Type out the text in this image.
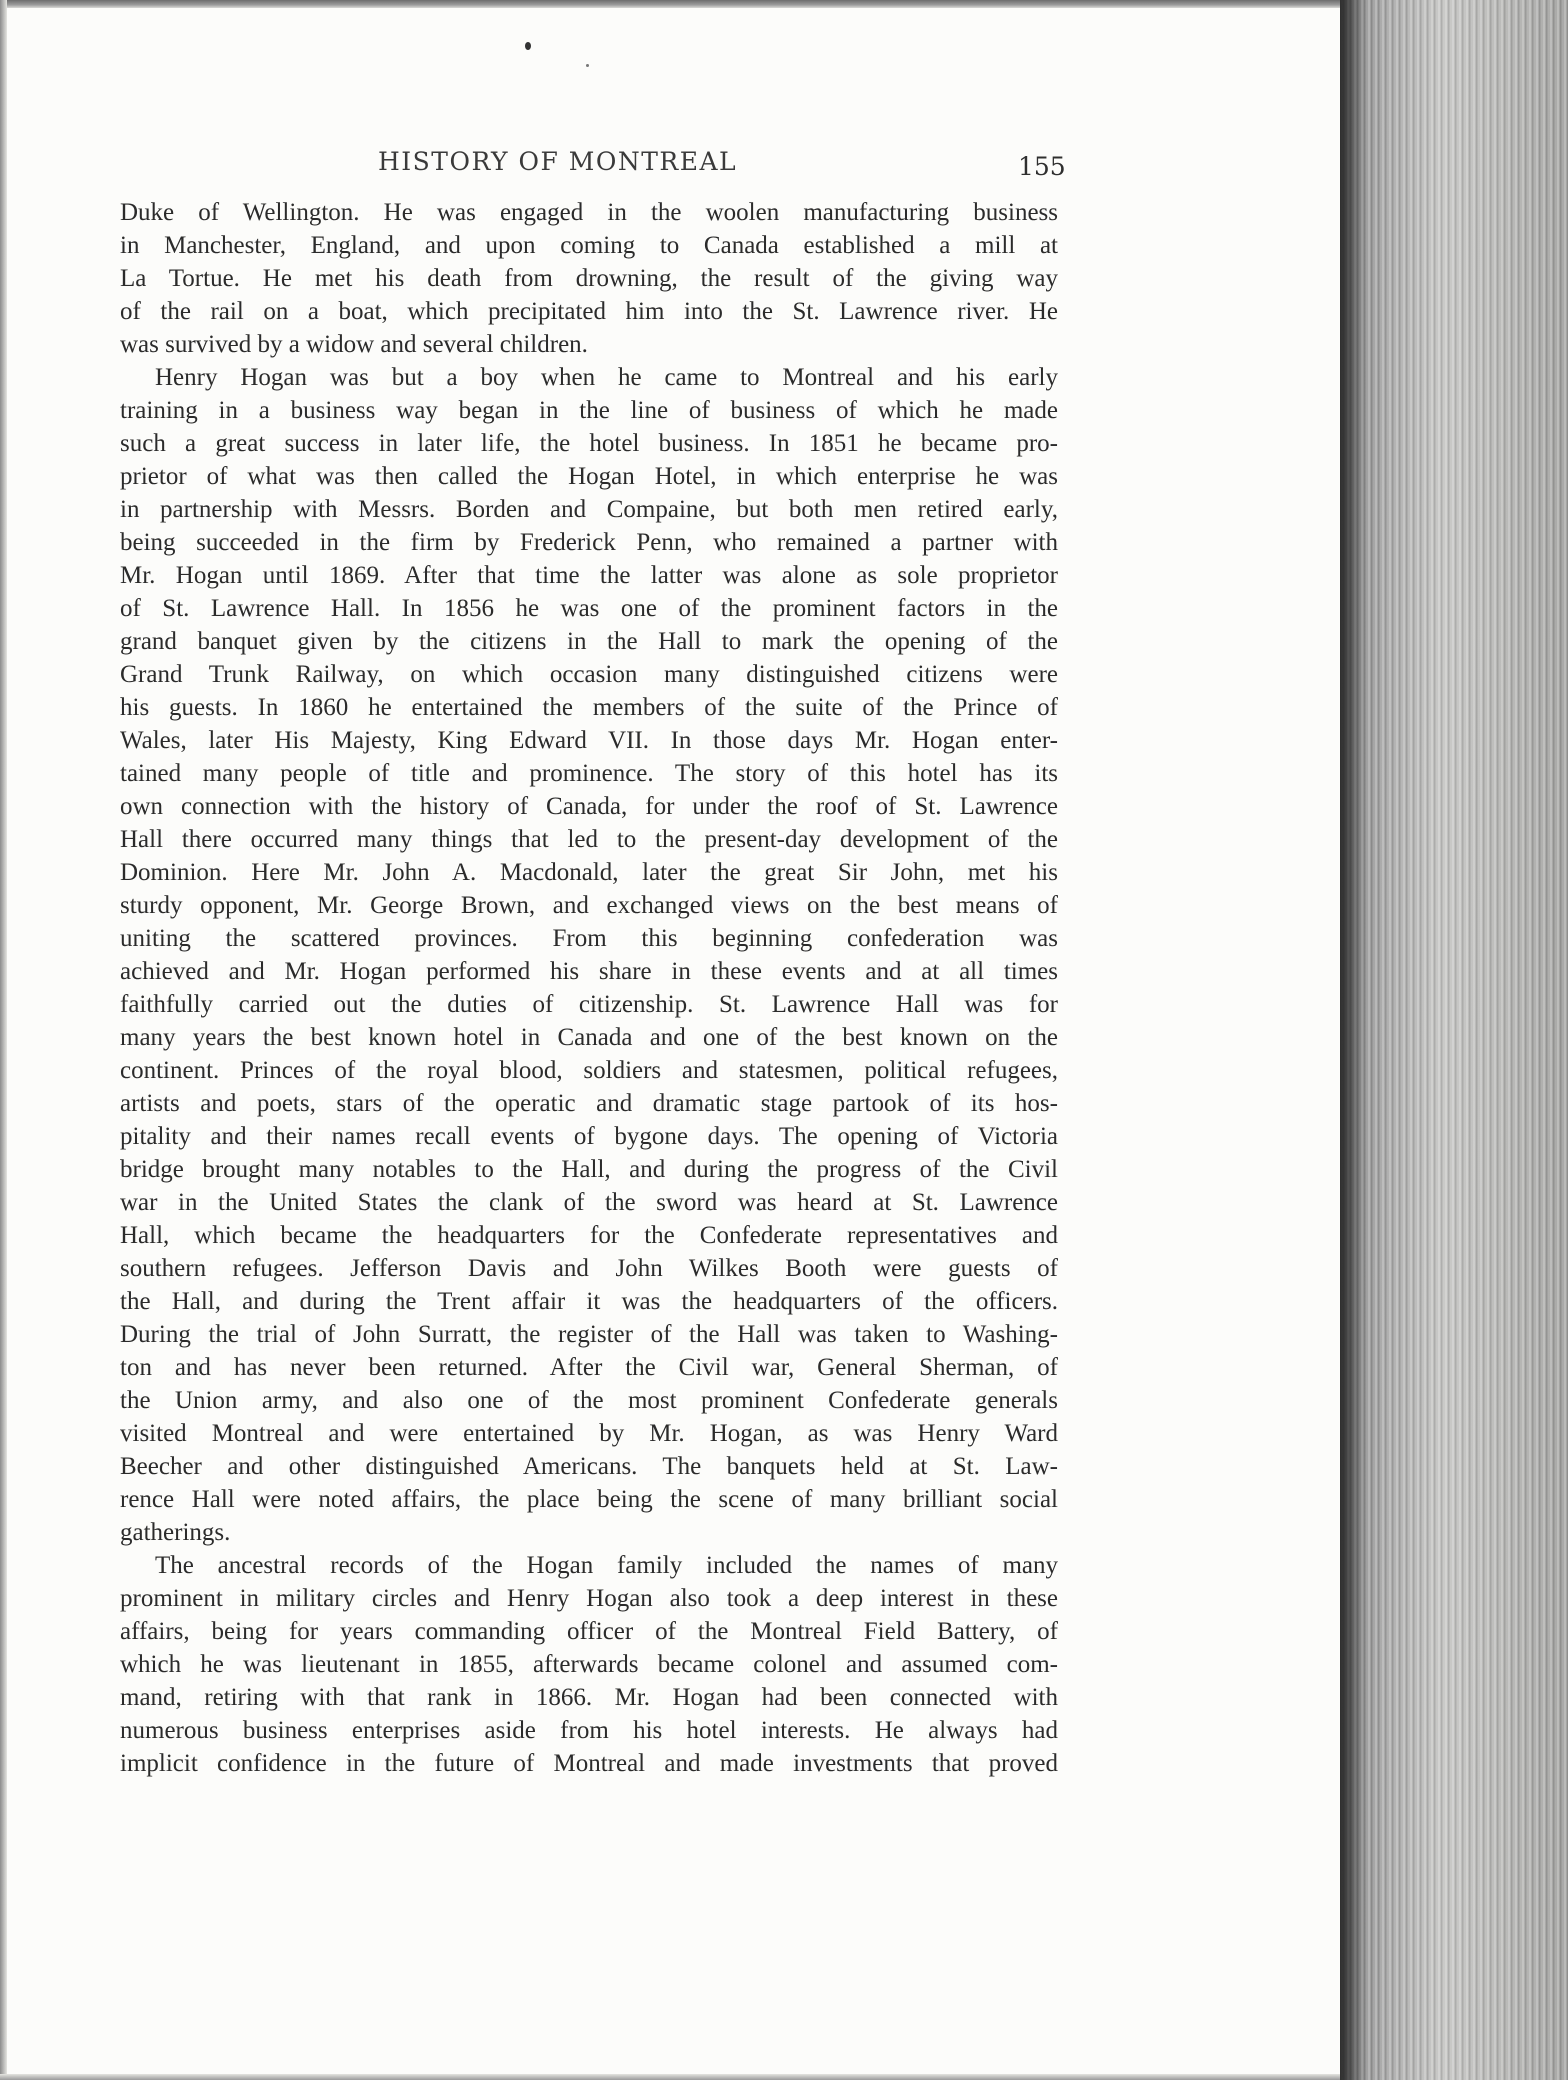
HISTORY OF MONTREAL	155
Duke of Wellington. He was engaged in the woolen manufacturing business
in Manchester, England, and upon coming to Canada established a mill at
La Tortue. He met his death from drowning, the result of the giving way
of the rail on a boat, which precipitated him into the St. Lawrence river. He
was survived by a widow and several children.
Henry Hogan was but a boy when he came to Montreal and his early
training in a business way began in the line of business of which he made
such a great success in later life, the hotel business. In 1851 he became pro-
prietor of what was then called the Hogan Hotel, in which enterprise he was
in partnership with Messrs. Borden and Compaine, but both men retired early,
being succeeded in the firm by Frederick Penn, who remained a partner with
Mr. Hogan until 1869. After that time the latter was alone as sole proprietor
of St. Lawrence Hall. In 1856 he was one of the prominent factors in the
grand banquet given by the citizens in the Hall to mark the opening of the
Grand Trunk Railway, on which occasion many distinguished citizens were
his guests. In 1860 he entertained the members of the suite of the Prince of
Wales, later His Majesty, King Edward VII. In those days Mr. Hogan enter-
tained many people of title and prominence. The story of this hotel has its
own connection with the history of Canada, for under the roof of St. Lawrence
Hall there occurred many things that led to the present-day development of the
Dominion. Here Mr. John A. Macdonald, later the great Sir John, met his
sturdy opponent, Mr. George Brown, and exchanged views on the best means of
uniting the scattered provinces. From this beginning confederation was
achieved and Mr. Hogan performed his share in these events and at all times
faithfully carried out the duties of citizenship. St. Lawrence Hall was for
many years the best known hotel in Canada and one of the best known on the
continent. Princes of the royal blood, soldiers and statesmen, political refugees,
artists and poets, stars of the operatic and dramatic stage partook of its hos-
pitality and their names recall events of bygone days. The opening of Victoria
bridge brought many notables to the Hall, and during the progress of the Civil
war in the United States the clank of the sword was heard at St. Lawrence
Hall, which became the headquarters for the Confederate representatives and
southern refugees. Jefferson Davis and John Wilkes Booth were guests of
the Hall, and during the Trent affair it was the headquarters of the officers.
During the trial of John Surratt, the register of the Hall was taken to Washing-
ton and has never been returned. After the Civil war, General Sherman, of
the Union army, and also one of the most prominent Confederate generals
visited Montreal and were entertained by Mr. Hogan, as was Henry Ward
Beecher and other distinguished Americans. The banquets held at St. Law-
rence Hall were noted affairs, the place being the scene of many brilliant social
gatherings.
The ancestral records of the Hogan family included the names of many
prominent in military circles and Henry Hogan also took a deep interest in these
affairs, being for years commanding officer of the Montreal Field Battery, of
which he was lieutenant in 1855, afterwards became colonel and assumed com-
mand, retiring with that rank in 1866. Mr. Hogan had been connected with
numerous business enterprises aside from his hotel interests. He always had
implicit confidence in the future of Montreal and made investments that proved
